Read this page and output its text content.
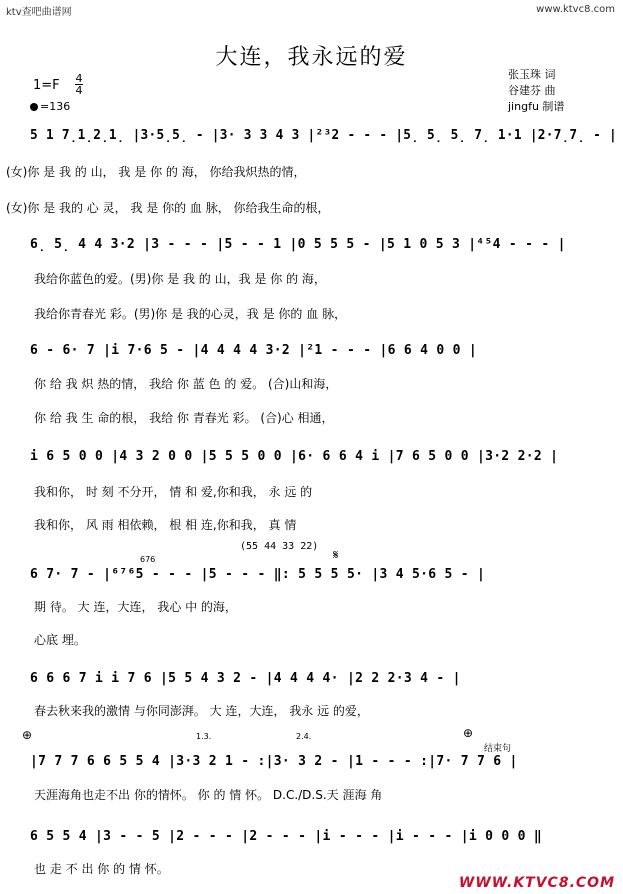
ktv查吧曲谱网	www.ktvc8.com
大连，我永远的爱
张玉珠 词
谷建芬 曲
jingfu 制谱
1=F 4
4
=136
5 1 7̣1̣2̣1̣ |3·5̣5̣ - |3· 3 3 4 3 |²³2 - - - |5̣ 5̣ 5̣ 7̣ 1·1 |2·7̣7̣ - |
(女)你 是 我 的 山， 我 是 你 的 海， 你给我炽热的情，
(女)你 是 我的 心 灵， 我 是 你的 血 脉， 你给我生命的根，
6̣ 5̣ 4 4 3·2 |3 - - - |5 - - 1 |0 5 5 5 - |5 1 0 5 3 |⁴⁵4 - - - |
我给你蓝色的爱。(男)你 是 我 的 山，我 是 你 的 海，
我给你青春光 彩。(男)你 是 我的心灵，我 是 你的 血 脉，
6 - 6· 7 |i 7·6 5 - |4 4 4 4 3·2 |²1 - - - |6 6 4 0 0 |
你 给 我 炽 热的情， 我给 你 蓝 色 的 爱。 (合)山和海，
你 给 我 生 命的根， 我给 你 青春光 彩。 (合)心 相通，
i 6 5 0 0 |4 3 2 0 0 |5 5 5 0 0 |6· 6 6 4 i |7 6 5 0 0 |3·2 2·2 |
我和你， 时 刻 不分开， 情 和 爱,你和我， 永 远 的
我和你， 风 雨 相依赖， 根 相 连,你和我， 真 情
(55 44 33 22)
𝄋
676
6 7· 7 - |⁶⁷⁶5 - - - |5 - - - ‖: 5 5 5 5· |3 4 5·6 5 - |
期 待。 大 连，大连， 我心 中 的海，
心底 埋。
6 6 6 7 i i 7 6 |5 5 4 3 2 - |4 4 4 4· |2 2 2·3 4 - |
春去秋来我的激情 与你同澎湃。 大 连，大连， 我永 远 的爱，
⊕	⊕
1.3.	2.4.
结束句
|7 7 7 6 6 5 5 4 |3·3 2 1 - :|3· 3 2 - |1 - - - :|7· 7 7 6 |
天涯海角也走不出 你的情怀。 你 的 情 怀。 D.C./D.S.天 涯海 角
6 5 5 4 |3 - - 5 |2 - - - |2 - - - |i - - - |i - - - |i 0 0 0 ‖
也 走 不 出 你 的 情 怀。
WWW.KTVC8.COM
